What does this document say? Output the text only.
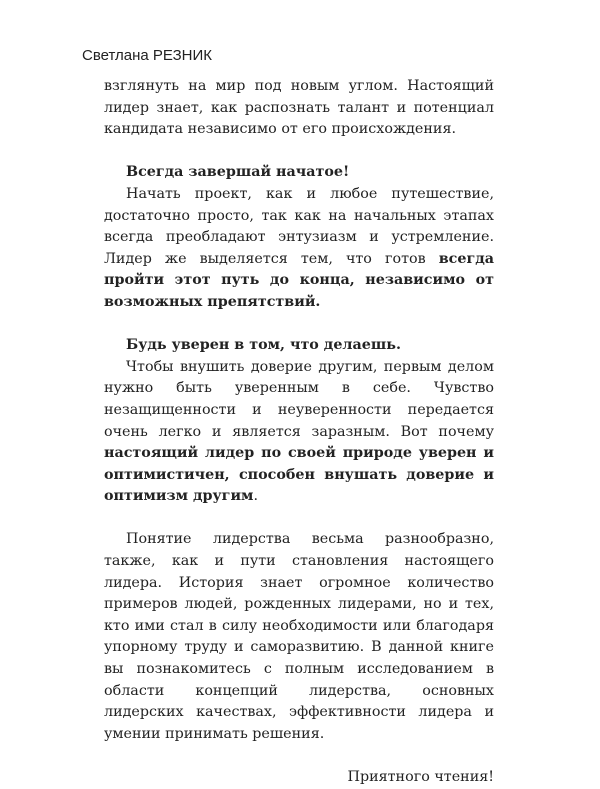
Светлана РЕЗНИК

взглянуть на мир под новым углом. Настоящий лидер знает, как распознать талант и потенциал кандидата независимо от его происхождения.

Всегда завершай начатое!

Начать проект, как и любое путешествие, достаточно просто, так как на начальных этапах всегда преобладают энтузиазм и устремление. Лидер же выделяется тем, что готов всегда пройти этот путь до конца, независимо от возможных препятствий.

Будь уверен в том, что делаешь.

Чтобы внушить доверие другим, первым делом нужно быть уверенным в себе. Чувство незащищенности и неуверенности передается очень легко и является заразным. Вот почему настоящий лидер по своей природе уверен и оптимистичен, способен внушать доверие и оптимизм другим.

Понятие лидерства весьма разнообразно, также, как и пути становления настоящего лидера. История знает огромное количество примеров людей, рожденных лидерами, но и тех, кто ими стал в силу необходимости или благодаря упорному труду и саморазвитию. В данной книге вы познакомитесь с полным исследованием в области концепций лидерства, основных лидерских качествах, эффективности лидера и умении принимать решения.

Приятного чтения!
